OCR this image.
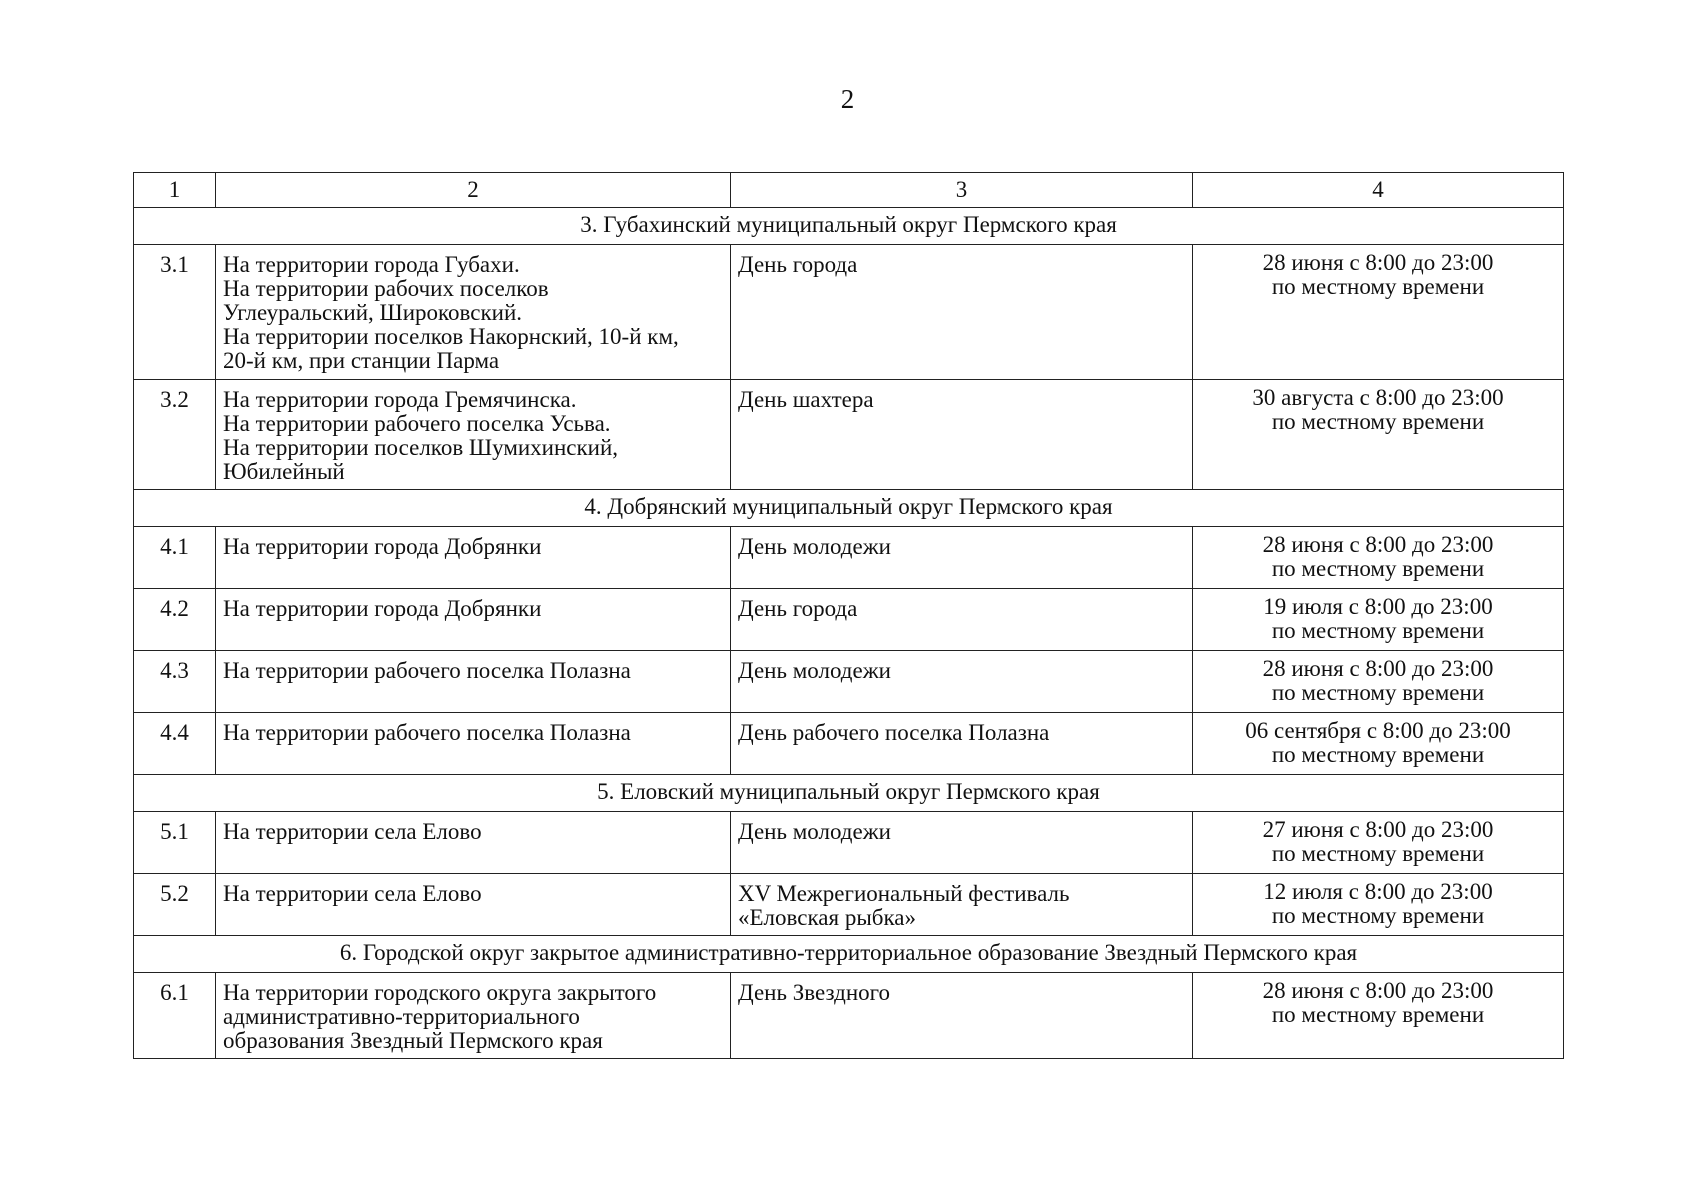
2
1	2	3	4
3. Губахинский муниципальный округ Пермского края			
3.1	На территории города Губахи.
На территории рабочих поселков
Углеуральский, Широковский.
На территории поселков Накорнский, 10-й км,
20-й км, при станции Парма	День города	28 июня с 8:00 до 23:00
по местному времени

3.2	На территории города Гремячинска.
На территории рабочего поселка Усьва.
На территории поселков Шумихинский,
Юбилейный	День шахтера	30 августа с 8:00 до 23:00
по местному времени

4. Добрянский муниципальный округ Пермского края			
4.1	На территории города Добрянки	День молодежи	28 июня с 8:00 до 23:00
по местному времени

4.2	На территории города Добрянки	День города	19 июля с 8:00 до 23:00
по местному времени

4.3	На территории рабочего поселка Полазна	День молодежи	28 июня с 8:00 до 23:00
по местному времени

4.4	На территории рабочего поселка Полазна	День рабочего поселка Полазна	06 сентября с 8:00 до 23:00
по местному времени

5. Еловский муниципальный округ Пермского края			
5.1	На территории села Елово	День молодежи	27 июня с 8:00 до 23:00
по местному времени

5.2	На территории села Елово	XV Межрегиональный фестиваль
«Еловская рыбка»	12 июля с 8:00 до 23:00
по местному времени

6. Городской округ закрытое административно-территориальное образование Звездный Пермского края			
6.1	На территории городского округа закрытого
административно-территориального
образования Звездный Пермского края	День Звездного	28 июня с 8:00 до 23:00
по местному времени
